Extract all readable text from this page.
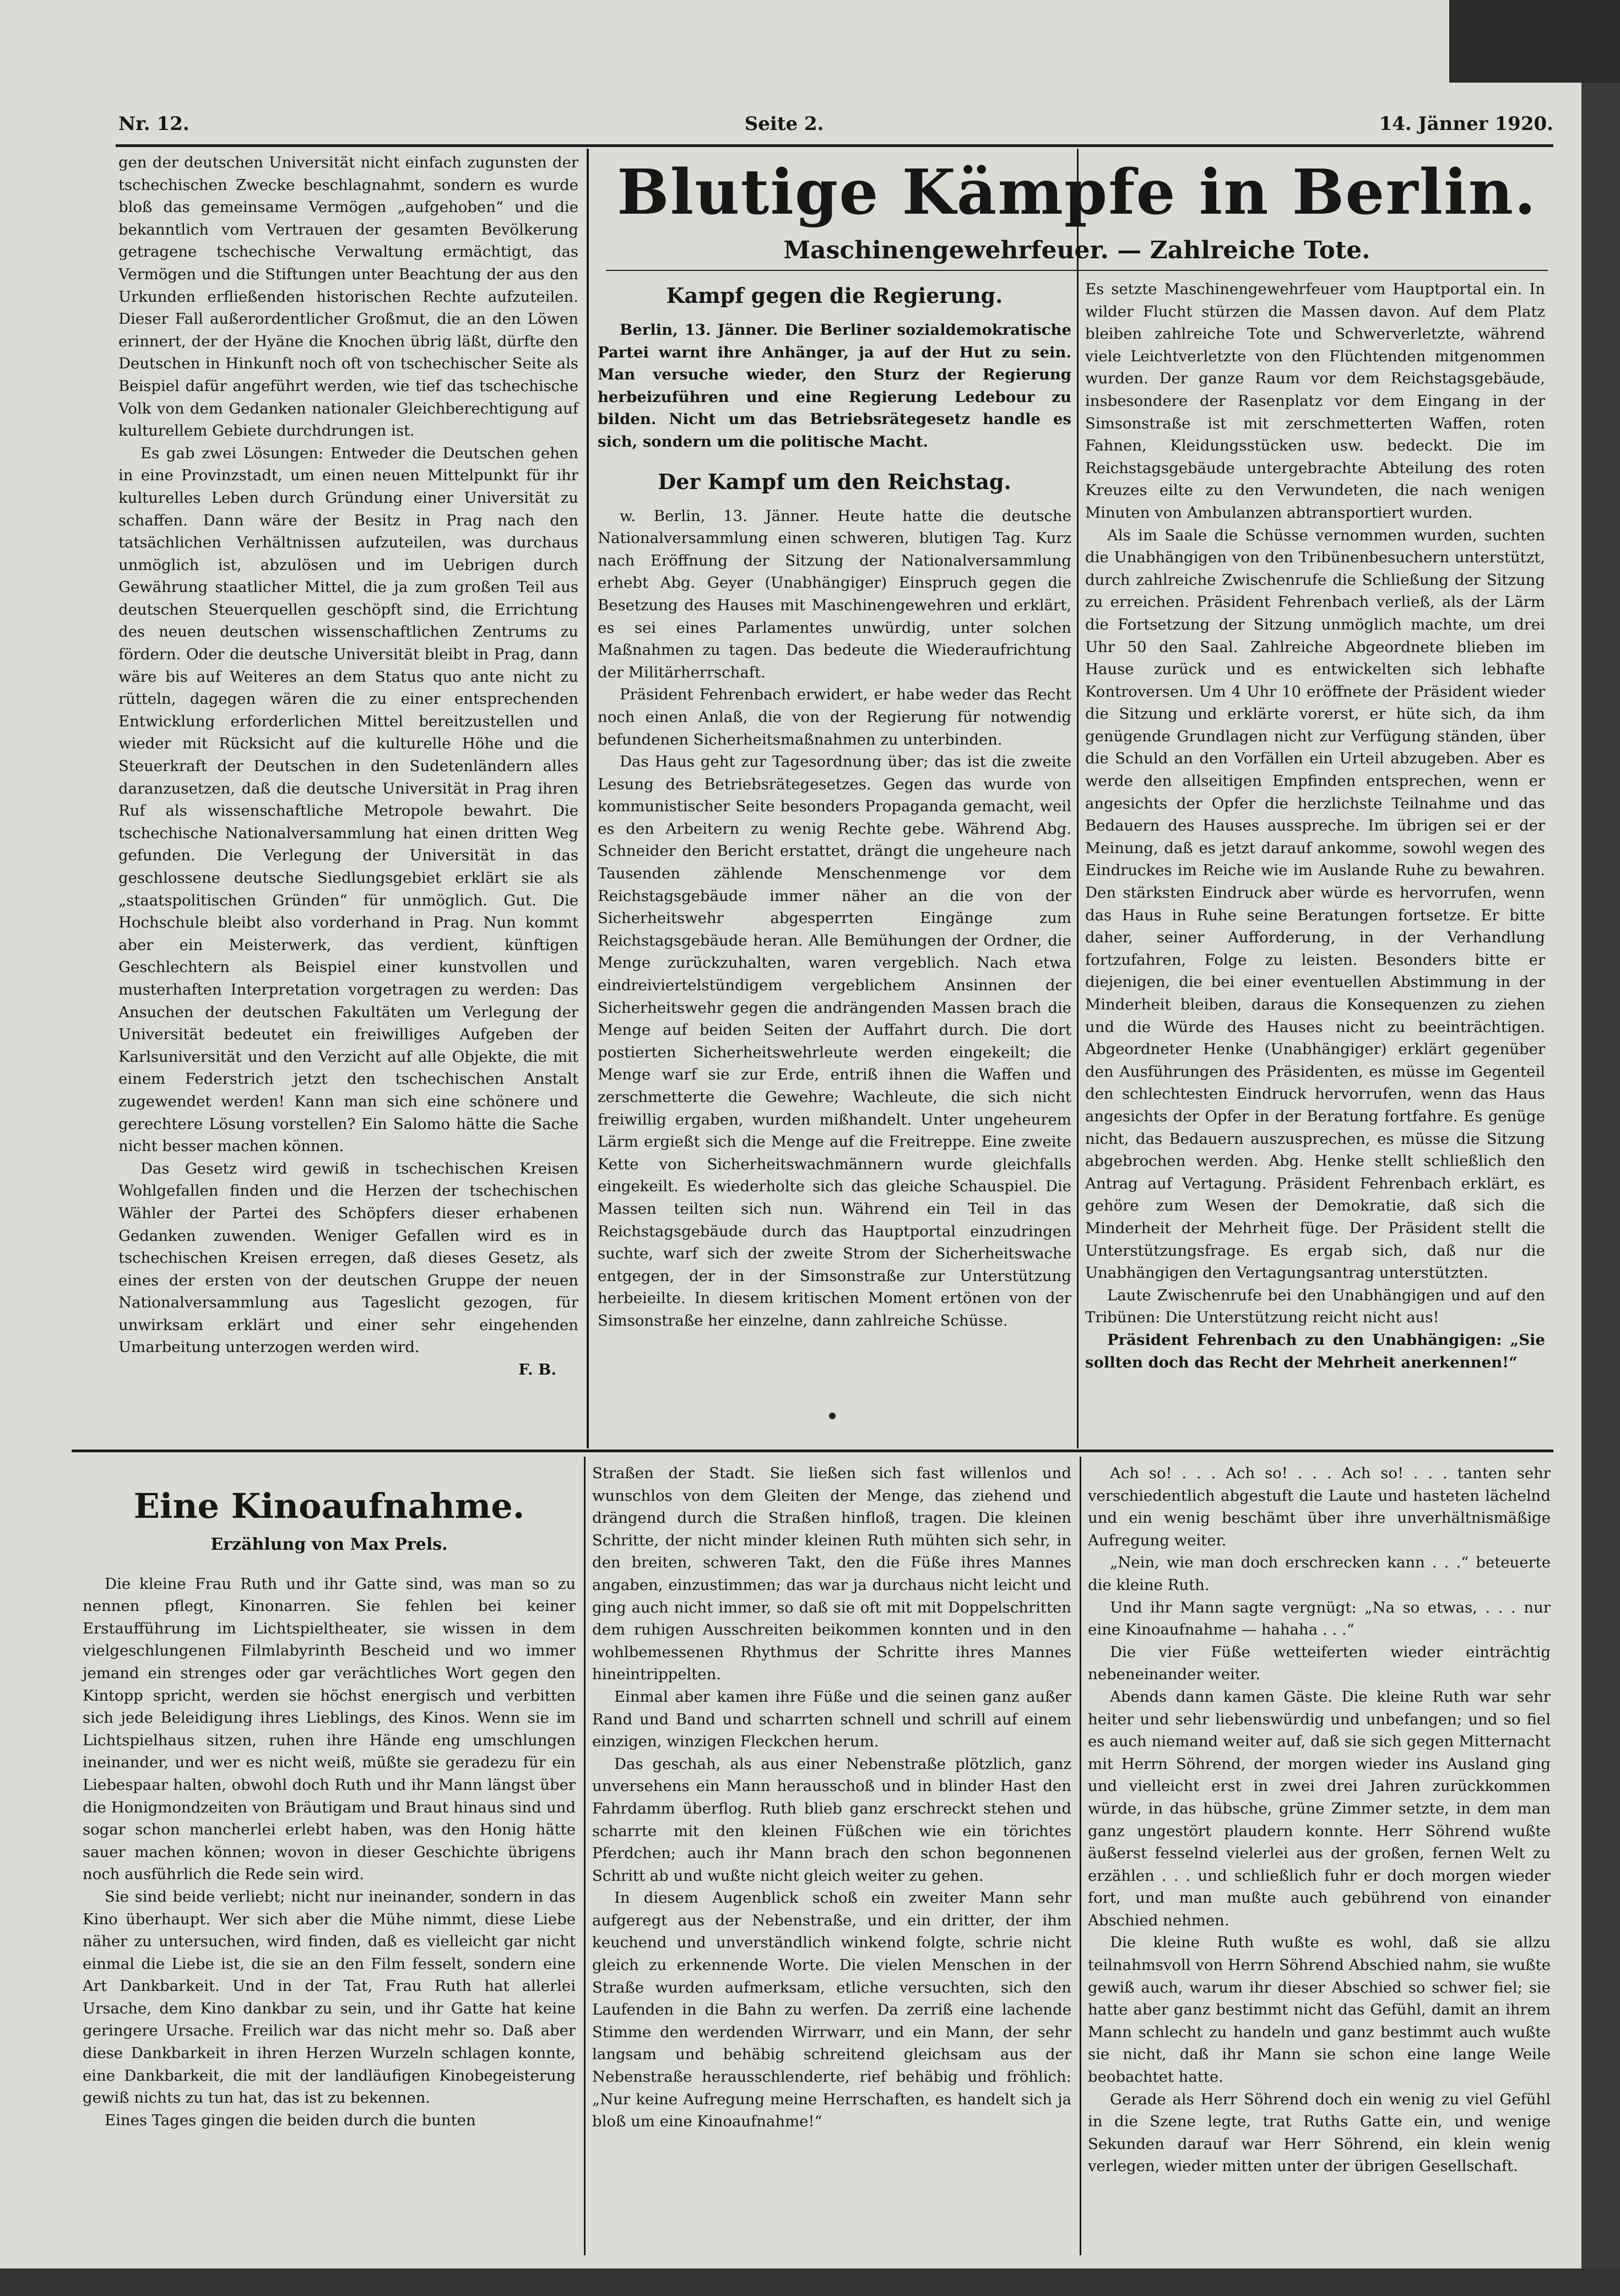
Nr. 12.	Seite 2.	14. Jänner 1920.

gen der deutschen Universität nicht einfach zugunsten der tschechischen Zwecke beschlagnahmt, sondern es wurde bloß das gemeinsame Vermögen „aufgehoben“ und die bekanntlich vom Vertrauen der gesamten Bevölkerung getragene tschechische Verwaltung ermächtigt, das Vermögen und die Stiftungen unter Beachtung der aus den Urkunden erfließenden historischen Rechte aufzuteilen. Dieser Fall außerordentlicher Großmut, die an den Löwen erinnert, der der Hyäne die Knochen übrig läßt, dürfte den Deutschen in Hinkunft noch oft von tschechischer Seite als Beispiel dafür angeführt werden, wie tief das tschechische Volk von dem Gedanken nationaler Gleichberechtigung auf kulturellem Gebiete durchdrungen ist.

Es gab zwei Lösungen: Entweder die Deutschen gehen in eine Provinzstadt, um einen neuen Mittelpunkt für ihr kulturelles Leben durch Gründung einer Universität zu schaffen. Dann wäre der Besitz in Prag nach den tatsächlichen Verhältnissen aufzuteilen, was durchaus unmöglich ist, abzulösen und im Uebrigen durch Gewährung staatlicher Mittel, die ja zum großen Teil aus deutschen Steuerquellen geschöpft sind, die Errichtung des neuen deutschen wissenschaftlichen Zentrums zu fördern. Oder die deutsche Universität bleibt in Prag, dann wäre bis auf Weiteres an dem Status quo ante nicht zu rütteln, dagegen wären die zu einer entsprechenden Entwicklung erforderlichen Mittel bereitzustellen und wieder mit Rücksicht auf die kulturelle Höhe und die Steuerkraft der Deutschen in den Sudetenländern alles daranzusetzen, daß die deutsche Universität in Prag ihren Ruf als wissenschaftliche Metropole bewahrt. Die tschechische Nationalversammlung hat einen dritten Weg gefunden. Die Verlegung der Universität in das geschlossene deutsche Siedlungsgebiet erklärt sie als „staatspolitischen Gründen“ für unmöglich. Gut. Die Hochschule bleibt also vorderhand in Prag. Nun kommt aber ein Meisterwerk, das verdient, künftigen Geschlechtern als Beispiel einer kunstvollen und musterhaften Interpretation vorgetragen zu werden: Das Ansuchen der deutschen Fakultäten um Verlegung der Universität bedeutet ein freiwilliges Aufgeben der Karlsuniversität und den Verzicht auf alle Objekte, die mit einem Federstrich jetzt den tschechischen Anstalt zugewendet werden! Kann man sich eine schönere und gerechtere Lösung vorstellen? Ein Salomo hätte die Sache nicht besser machen können.

Das Gesetz wird gewiß in tschechischen Kreisen Wohlgefallen finden und die Herzen der tschechischen Wähler der Partei des Schöpfers dieser erhabenen Gedanken zuwenden. Weniger Gefallen wird es in tschechischen Kreisen erregen, daß dieses Gesetz, als eines der ersten von der deutschen Gruppe der neuen Nationalversammlung aus Tageslicht gezogen, für unwirksam erklärt und einer sehr eingehenden Umarbeitung unterzogen werden wird.

F. B.
Blutige Kämpfe in Berlin.
Maschinengewehrfeuer. — Zahlreiche Tote.
Kampf gegen die Regierung.

Berlin, 13. Jänner. Die Berliner sozialdemokratische Partei warnt ihre Anhänger, ja auf der Hut zu sein. Man versuche wieder, den Sturz der Regierung herbeizuführen und eine Regierung Ledebour zu bilden. Nicht um das Betriebsrätegesetz handle es sich, sondern um die politische Macht.

Der Kampf um den Reichstag.

w. Berlin, 13. Jänner. Heute hatte die deutsche Nationalversammlung einen schweren, blutigen Tag. Kurz nach Eröffnung der Sitzung der Nationalversammlung erhebt Abg. Geyer (Unabhängiger) Einspruch gegen die Besetzung des Hauses mit Maschinengewehren und erklärt, es sei eines Parlamentes unwürdig, unter solchen Maßnahmen zu tagen. Das bedeute die Wiederaufrichtung der Militärherrschaft.

Präsident Fehrenbach erwidert, er habe weder das Recht noch einen Anlaß, die von der Regierung für notwendig befundenen Sicherheitsmaßnahmen zu unterbinden.

Das Haus geht zur Tagesordnung über; das ist die zweite Lesung des Betriebsrätegesetzes. Gegen das wurde von kommunistischer Seite besonders Propaganda gemacht, weil es den Arbeitern zu wenig Rechte gebe. Während Abg. Schneider den Bericht erstattet, drängt die ungeheure nach Tausenden zählende Menschenmenge vor dem Reichstagsgebäude immer näher an die von der Sicherheitswehr abgesperrten Eingänge zum Reichstagsgebäude heran. Alle Bemühungen der Ordner, die Menge zurückzuhalten, waren vergeblich. Nach etwa eindreiviertelstündigem vergeblichem Ansinnen der Sicherheitswehr gegen die andrängenden Massen brach die Menge auf beiden Seiten der Auffahrt durch. Die dort postierten Sicherheitswehrleute werden eingekeilt; die Menge warf sie zur Erde, entriß ihnen die Waffen und zerschmetterte die Gewehre; Wachleute, die sich nicht freiwillig ergaben, wurden mißhandelt. Unter ungeheurem Lärm ergießt sich die Menge auf die Freitreppe. Eine zweite Kette von Sicherheitswachmännern wurde gleichfalls eingekeilt. Es wiederholte sich das gleiche Schauspiel. Die Massen teilten sich nun. Während ein Teil in das Reichstagsgebäude durch das Hauptportal einzudringen suchte, warf sich der zweite Strom der Sicherheitswache entgegen, der in der Simsonstraße zur Unterstützung herbeieilte. In diesem kritischen Moment ertönen von der Simsonstraße her einzelne, dann zahlreiche Schüsse.

Es setzte Maschinengewehrfeuer vom Hauptportal ein. In wilder Flucht stürzen die Massen davon. Auf dem Platz bleiben zahlreiche Tote und Schwerverletzte, während viele Leichtverletzte von den Flüchtenden mitgenommen wurden. Der ganze Raum vor dem Reichstagsgebäude, insbesondere der Rasenplatz vor dem Eingang in der Simsonstraße ist mit zerschmetterten Waffen, roten Fahnen, Kleidungsstücken usw. bedeckt. Die im Reichstagsgebäude untergebrachte Abteilung des roten Kreuzes eilte zu den Verwundeten, die nach wenigen Minuten von Ambulanzen abtransportiert wurden.

Als im Saale die Schüsse vernommen wurden, suchten die Unabhängigen von den Tribünenbesuchern unterstützt, durch zahlreiche Zwischenrufe die Schließung der Sitzung zu erreichen. Präsident Fehrenbach verließ, als der Lärm die Fortsetzung der Sitzung unmöglich machte, um drei Uhr 50 den Saal. Zahlreiche Abgeordnete blieben im Hause zurück und es entwickelten sich lebhafte Kontroversen. Um 4 Uhr 10 eröffnete der Präsident wieder die Sitzung und erklärte vorerst, er hüte sich, da ihm genügende Grundlagen nicht zur Verfügung ständen, über die Schuld an den Vorfällen ein Urteil abzugeben. Aber es werde den allseitigen Empfinden entsprechen, wenn er angesichts der Opfer die herzlichste Teilnahme und das Bedauern des Hauses ausspreche. Im übrigen sei er der Meinung, daß es jetzt darauf ankomme, sowohl wegen des Eindruckes im Reiche wie im Auslande Ruhe zu bewahren. Den stärksten Eindruck aber würde es hervorrufen, wenn das Haus in Ruhe seine Beratungen fortsetze. Er bitte daher, seiner Aufforderung, in der Verhandlung fortzufahren, Folge zu leisten. Besonders bitte er diejenigen, die bei einer eventuellen Abstimmung in der Minderheit bleiben, daraus die Konsequenzen zu ziehen und die Würde des Hauses nicht zu beeinträchtigen. Abgeordneter Henke (Unabhängiger) erklärt gegenüber den Ausführungen des Präsidenten, es müsse im Gegenteil den schlechtesten Eindruck hervorrufen, wenn das Haus angesichts der Opfer in der Beratung fortfahre. Es genüge nicht, das Bedauern auszusprechen, es müsse die Sitzung abgebrochen werden. Abg. Henke stellt schließlich den Antrag auf Vertagung. Präsident Fehrenbach erklärt, es gehöre zum Wesen der Demokratie, daß sich die Minderheit der Mehrheit füge. Der Präsident stellt die Unterstützungsfrage. Es ergab sich, daß nur die Unabhängigen den Vertagungsantrag unterstützten.

Laute Zwischenrufe bei den Unabhängigen und auf den Tribünen: Die Unterstützung reicht nicht aus!

Präsident Fehrenbach zu den Unabhängigen: „Sie sollten doch das Recht der Mehrheit anerkennen!“

Eine Kinoaufnahme.
Erzählung von Max Prels.

Die kleine Frau Ruth und ihr Gatte sind, was man so zu nennen pflegt, Kinonarren. Sie fehlen bei keiner Erstaufführung im Lichtspieltheater, sie wissen in dem vielgeschlungenen Filmlabyrinth Bescheid und wo immer jemand ein strenges oder gar verächtliches Wort gegen den Kintopp spricht, werden sie höchst energisch und verbitten sich jede Beleidigung ihres Lieblings, des Kinos. Wenn sie im Lichtspielhaus sitzen, ruhen ihre Hände eng umschlungen ineinander, und wer es nicht weiß, müßte sie geradezu für ein Liebespaar halten, obwohl doch Ruth und ihr Mann längst über die Honigmondzeiten von Bräutigam und Braut hinaus sind und sogar schon mancherlei erlebt haben, was den Honig hätte sauer machen können; wovon in dieser Geschichte übrigens noch ausführlich die Rede sein wird.

Sie sind beide verliebt; nicht nur ineinander, sondern in das Kino überhaupt. Wer sich aber die Mühe nimmt, diese Liebe näher zu untersuchen, wird finden, daß es vielleicht gar nicht einmal die Liebe ist, die sie an den Film fesselt, sondern eine Art Dankbarkeit. Und in der Tat, Frau Ruth hat allerlei Ursache, dem Kino dankbar zu sein, und ihr Gatte hat keine geringere Ursache. Freilich war das nicht mehr so. Daß aber diese Dankbarkeit in ihren Herzen Wurzeln schlagen konnte, eine Dankbarkeit, die mit der landläufigen Kinobegeisterung gewiß nichts zu tun hat, das ist zu bekennen.

Eines Tages gingen die beiden durch die bunten

Straßen der Stadt. Sie ließen sich fast willenlos und wunschlos von dem Gleiten der Menge, das ziehend und drängend durch die Straßen hinfloß, tragen. Die kleinen Schritte, der nicht minder kleinen Ruth mühten sich sehr, in den breiten, schweren Takt, den die Füße ihres Mannes angaben, einzustimmen; das war ja durchaus nicht leicht und ging auch nicht immer, so daß sie oft mit mit Doppelschritten dem ruhigen Ausschreiten beikommen konnten und in den wohlbemessenen Rhythmus der Schritte ihres Mannes hineintrippelten.

Einmal aber kamen ihre Füße und die seinen ganz außer Rand und Band und scharrten schnell und schrill auf einem einzigen, winzigen Fleckchen herum.

Das geschah, als aus einer Nebenstraße plötzlich, ganz unversehens ein Mann herausschoß und in blinder Hast den Fahrdamm überflog. Ruth blieb ganz erschreckt stehen und scharrte mit den kleinen Füßchen wie ein törichtes Pferdchen; auch ihr Mann brach den schon begonnenen Schritt ab und wußte nicht gleich weiter zu gehen.

In diesem Augenblick schoß ein zweiter Mann sehr aufgeregt aus der Nebenstraße, und ein dritter, der ihm keuchend und unverständlich winkend folgte, schrie nicht gleich zu erkennende Worte. Die vielen Menschen in der Straße wurden aufmerksam, etliche versuchten, sich den Laufenden in die Bahn zu werfen. Da zerriß eine lachende Stimme den werdenden Wirrwarr, und ein Mann, der sehr langsam und behäbig schreitend gleichsam aus der Nebenstraße herausschlenderte, rief behäbig und fröhlich: „Nur keine Aufregung meine Herrschaften, es handelt sich ja bloß um eine Kinoaufnahme!“

Ach so! . . . Ach so! . . . Ach so! . . . tanten sehr verschiedentlich abgestuft die Laute und hasteten lächelnd und ein wenig beschämt über ihre unverhältnismäßige Aufregung weiter.

„Nein, wie man doch erschrecken kann . . .“ beteuerte die kleine Ruth.

Und ihr Mann sagte vergnügt: „Na so etwas, . . . nur eine Kinoaufnahme — hahaha . . .“

Die vier Füße wetteiferten wieder einträchtig nebeneinander weiter.

Abends dann kamen Gäste. Die kleine Ruth war sehr heiter und sehr liebenswürdig und unbefangen; und so fiel es auch niemand weiter auf, daß sie sich gegen Mitternacht mit Herrn Söhrend, der morgen wieder ins Ausland ging und vielleicht erst in zwei drei Jahren zurückkommen würde, in das hübsche, grüne Zimmer setzte, in dem man ganz ungestört plaudern konnte. Herr Söhrend wußte äußerst fesselnd vielerlei aus der großen, fernen Welt zu erzählen . . . und schließlich fuhr er doch morgen wieder fort, und man mußte auch gebührend von einander Abschied nehmen.

Die kleine Ruth wußte es wohl, daß sie allzu teilnahmsvoll von Herrn Söhrend Abschied nahm, sie wußte gewiß auch, warum ihr dieser Abschied so schwer fiel; sie hatte aber ganz bestimmt nicht das Gefühl, damit an ihrem Mann schlecht zu handeln und ganz bestimmt auch wußte sie nicht, daß ihr Mann sie schon eine lange Weile beobachtet hatte.

Gerade als Herr Söhrend doch ein wenig zu viel Gefühl in die Szene legte, trat Ruths Gatte ein, und wenige Sekunden darauf war Herr Söhrend, ein klein wenig verlegen, wieder mitten unter der übrigen Gesellschaft.
